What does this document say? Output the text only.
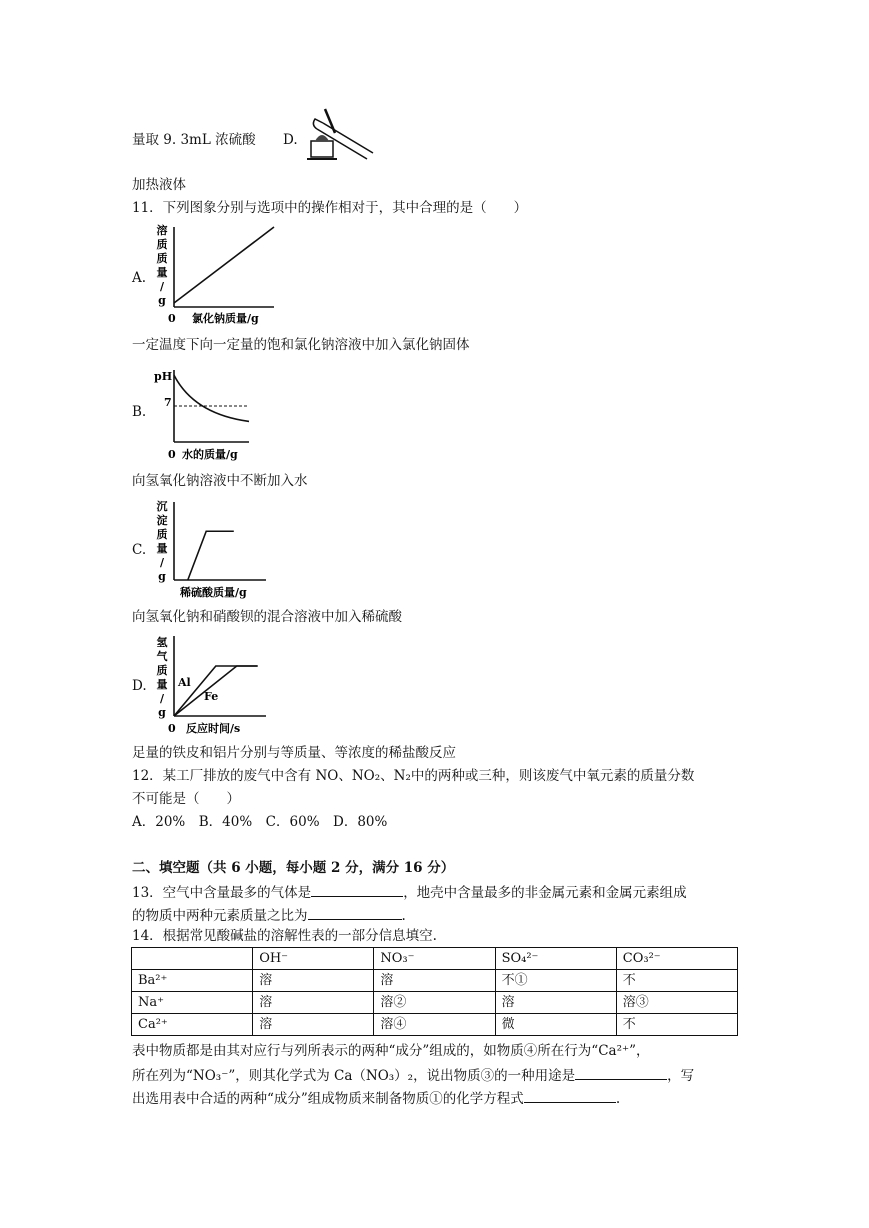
量取 9. 3mL 浓硫酸 D.
加热液体
11．下列图象分别与选项中的操作相对于，其中合理的是（　　）
A.
溶
质
质
量
/
g
0 氯化钠质量/g
一定温度下向一定量的饱和氯化钠溶液中加入氯化钠固体
B.
pH
7
0 水的质量/g
向氢氧化钠溶液中不断加入水
C.
沉
淀
质
量
/
g
稀硫酸质量/g
向氢氧化钠和硝酸钡的混合溶液中加入稀硫酸
D.
氢
气
质
量
/
g
0 反应时间/s
Al
Fe
足量的铁皮和铝片分别与等质量、等浓度的稀盐酸反应
12．某工厂排放的废气中含有 NO、NO₂、N₂中的两种或三种，则该废气中氧元素的质量分数
不可能是（　　）
A．20%　B．40%　C．60%　D．80%
二、填空题（共 6 小题，每小题 2 分，满分 16 分）
13．空气中含量最多的气体是	，地壳中含量最多的非金属元素和金属元素组成
的物质中两种元素质量之比为	.
14．根据常见酸碱盐的溶解性表的一部分信息填空.
	OH⁻	NO₃⁻	SO₄²⁻	CO₃²⁻
Ba²⁺	溶	溶	不①	不
Na⁺	溶	溶②	溶	溶③
Ca²⁺	溶	溶④	微	不
表中物质都是由其对应行与列所表示的两种“成分”组成的，如物质④所在行为“Ca²⁺”，
所在列为“NO₃⁻”，则其化学式为 Ca（NO₃）₂，说出物质③的一种用途是	，写
出选用表中合适的两种“成分”组成物质来制备物质①的化学方程式	.
